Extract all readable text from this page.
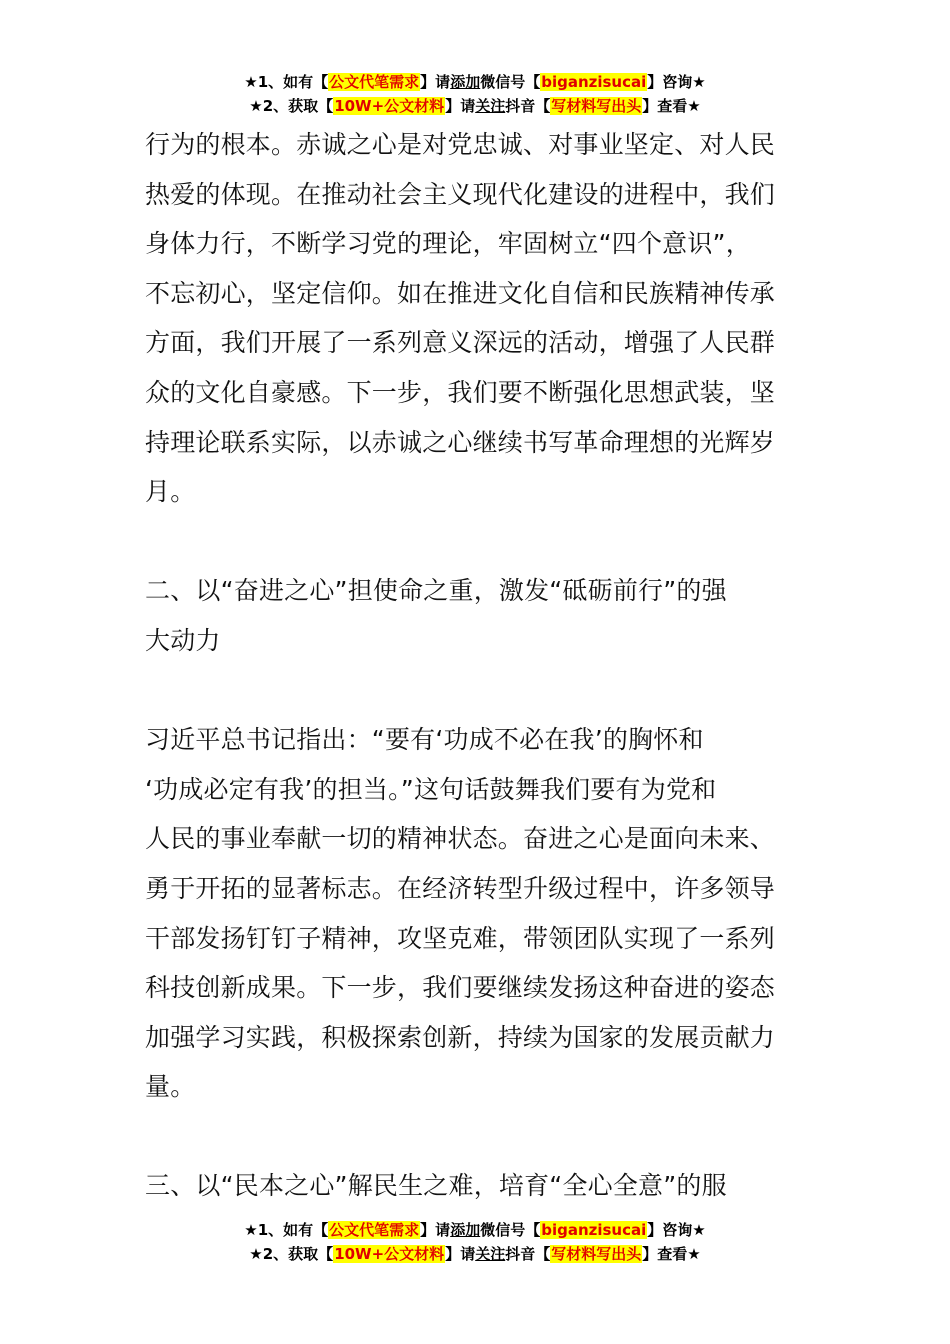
★1、如有【公文代笔需求】请添加微信号【biganzisucai】咨询★
★2、获取【10W+公文材料】请关注抖音【写材料写出头】查看★
行为的根本。赤诚之心是对党忠诚、对事业坚定、对人民
热爱的体现。在推动社会主义现代化建设的进程中，我们
身体力行，不断学习党的理论，牢固树立“四个意识”，
不忘初心，坚定信仰。如在推进文化自信和民族精神传承
方面，我们开展了一系列意义深远的活动，增强了人民群
众的文化自豪感。下一步，我们要不断强化思想武装，坚
持理论联系实际，以赤诚之心继续书写革命理想的光辉岁
月。
二、以“奋进之心”担使命之重，激发“砥砺前行”的强
大动力
习近平总书记指出：“要有‘功成不必在我’的胸怀和
‘功成必定有我’的担当。”这句话鼓舞我们要有为党和
人民的事业奉献一切的精神状态。奋进之心是面向未来、
勇于开拓的显著标志。在经济转型升级过程中，许多领导
干部发扬钉钉子精神，攻坚克难，带领团队实现了一系列
科技创新成果。下一步，我们要继续发扬这种奋进的姿态
加强学习实践，积极探索创新，持续为国家的发展贡献力
量。
三、以“民本之心”解民生之难，培育“全心全意”的服
★1、如有【公文代笔需求】请添加微信号【biganzisucai】咨询★
★2、获取【10W+公文材料】请关注抖音【写材料写出头】查看★
